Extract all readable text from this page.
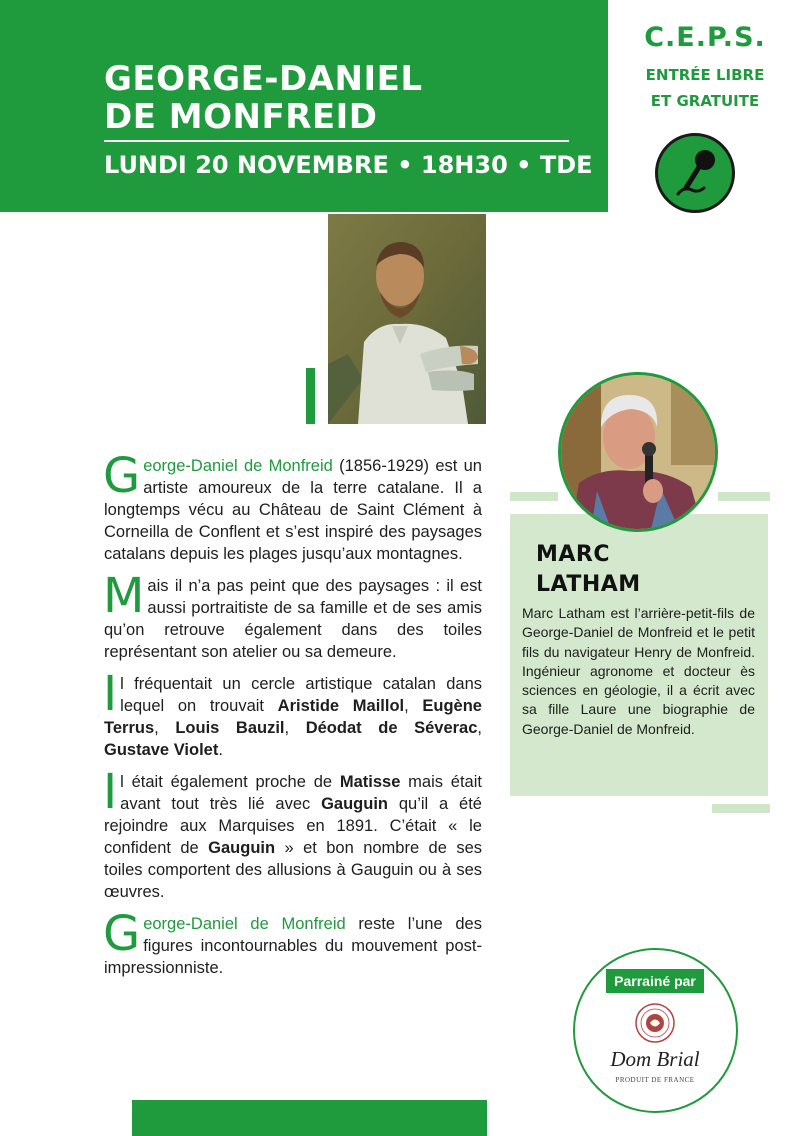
GEORGE-DANIEL
DE MONFREID
LUNDI 20 NOVEMBRE • 18H30 • TDE
C.E.P.S.
ENTRÉE LIBRE
ET GRATUITE

George-Daniel de Monfreid (1856-1929) est un artiste amoureux de la terre catalane. Il a longtemps vécu au Château de Saint Clément à Corneilla de Conflent et s’est inspiré des paysages catalans depuis les plages jusqu’aux montagnes.

Mais il n’a pas peint que des paysages : il est aussi portraitiste de sa famille et de ses amis qu’on retrouve également dans des toiles représentant son atelier ou sa demeure.

Il fréquentait un cercle artistique catalan dans lequel on trouvait Aristide Maillol, Eugène Terrus, Louis Bauzil, Déodat de Séverac, Gustave Violet.

Il était également proche de Matisse mais était avant tout très lié avec Gauguin qu’il a été rejoindre aux Marquises en 1891. C’était « le confident de Gauguin » et bon nombre de ses toiles comportent des allusions à Gauguin ou à ses œuvres.

George-Daniel de Monfreid reste l’une des figures incontournables du mouvement post-impressionniste.

MARC
LATHAM
Marc Latham est l’arrière-petit-fils de George-Daniel de Monfreid et le petit fils du navigateur Henry de Monfreid. Ingénieur agronome et docteur ès sciences en géologie, il a écrit avec sa fille Laure une biographie de George-Daniel de Monfreid.
Parrainé par
Dom Brial
PRODUIT DE FRANCE
